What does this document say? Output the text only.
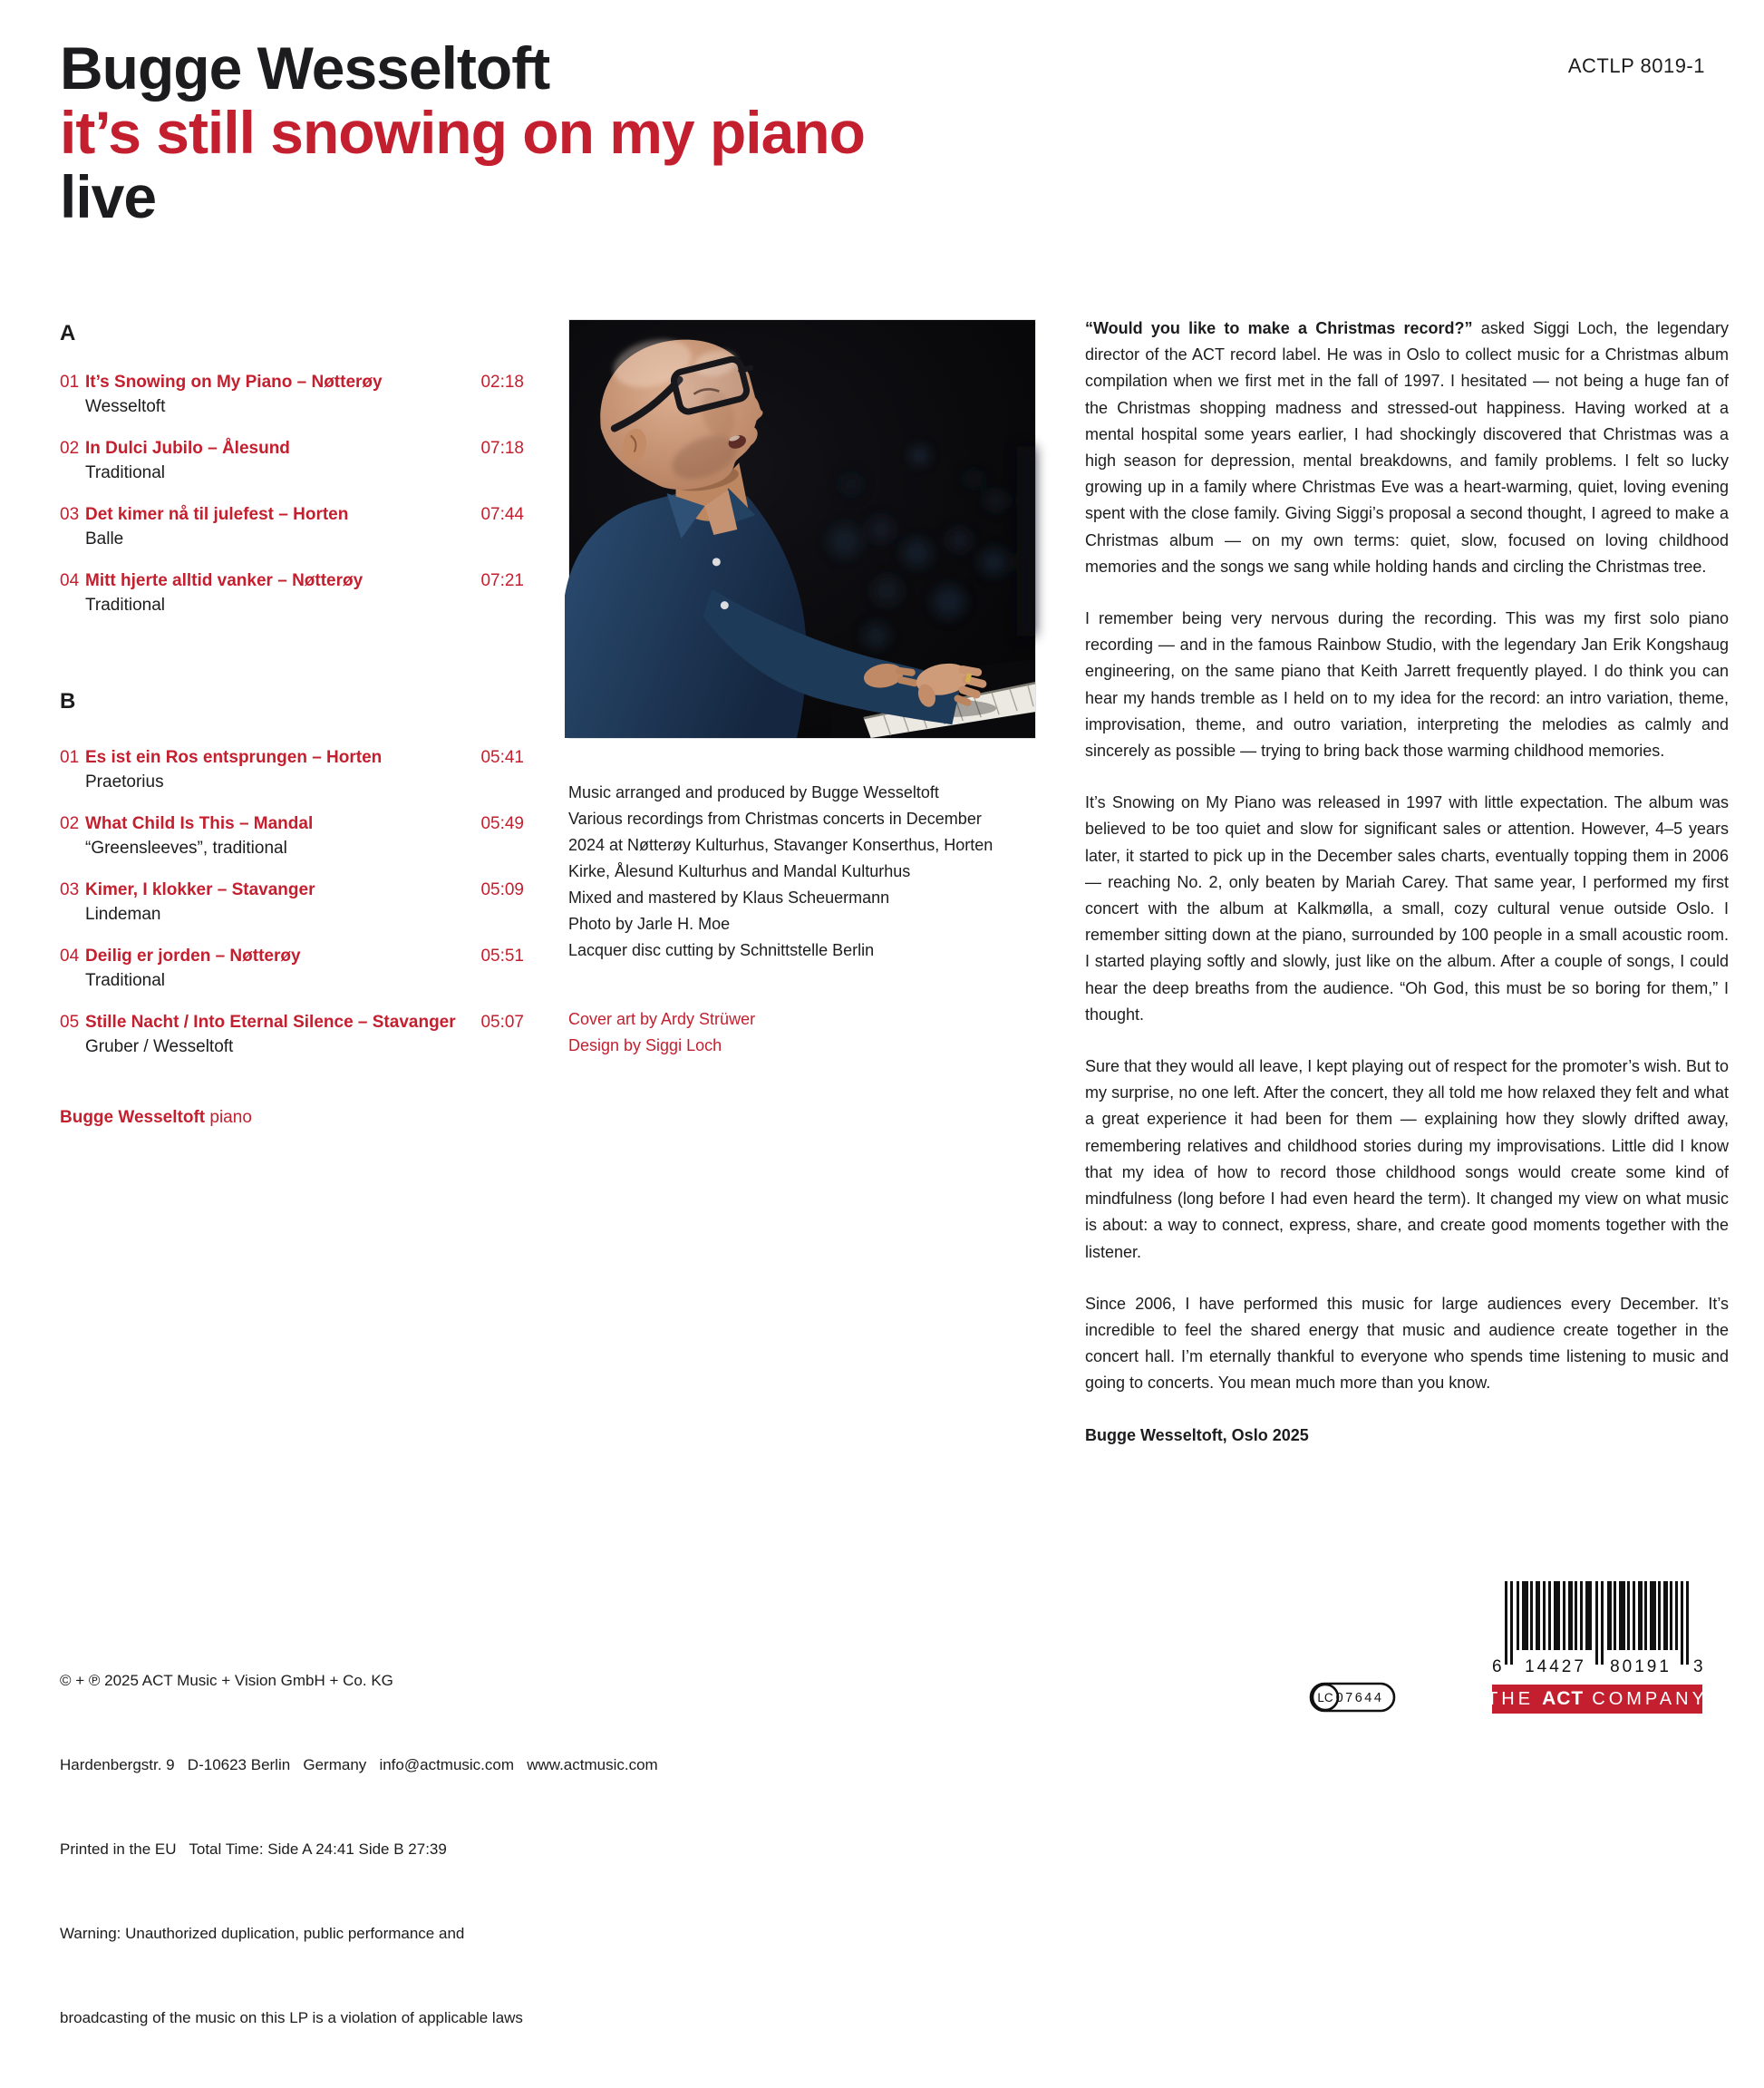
ACTLP 8019-1
Bugge Wesseltoft
it’s still snowing on my piano
live
A
01 It’s Snowing on My Piano – Nøtterøy	02:18
Wesseltoft
02 In Dulci Jubilo – Ålesund	07:18
Traditional
03 Det kimer nå til julefest – Horten	07:44
Balle
04 Mitt hjerte alltid vanker – Nøtterøy	07:21
Traditional
B
01 Es ist ein Ros entsprungen – Horten	05:41
Praetorius
02 What Child Is This – Mandal	05:49
“Greensleeves”, traditional
03 Kimer, I klokker – Stavanger	05:09
Lindeman
04 Deilig er jorden – Nøtterøy	05:51
Traditional
05 Stille Nacht / Into Eternal Silence – Stavanger	05:07
Gruber / Wesseltoft
Bugge Wesseltoft piano
Music arranged and produced by Bugge Wesseltoft
Various recordings from Christmas concerts in December
2024 at Nøtterøy Kulturhus, Stavanger Konserthus, Horten
Kirke, Ålesund Kulturhus and Mandal Kulturhus
Mixed and mastered by Klaus Scheuermann
Photo by Jarle H. Moe
Lacquer disc cutting by Schnittstelle Berlin
Cover art by Ardy Strüwer
Design by Siggi Loch

“Would you like to make a Christmas record?” asked Siggi Loch, the legendary director of the ACT record label. He was in Oslo to collect music for a Christmas album compilation when we first met in the fall of 1997. I hesitated — not being a huge fan of the Christmas shopping madness and stressed-out happiness. Having worked at a mental hospital some years earlier, I had shockingly discovered that Christmas was a high season for depression, mental breakdowns, and family problems. I felt so lucky growing up in a family where Christmas Eve was a heart-warming, quiet, loving evening spent with the close family. Giving Siggi’s proposal a second thought, I agreed to make a Christmas album — on my own terms: quiet, slow, focused on loving childhood memories and the songs we sang while holding hands and circling the Christmas tree.

I remember being very nervous during the recording. This was my first solo piano recording — and in the famous Rainbow Studio, with the legendary Jan Erik Kongshaug engineering, on the same piano that Keith Jarrett frequently played. I do think you can hear my hands tremble as I held on to my idea for the record: an intro variation, theme, improvisation, theme, and outro variation, interpreting the melodies as calmly and sincerely as possible — trying to bring back those warming childhood memories.

It’s Snowing on My Piano was released in 1997 with little expectation. The album was believed to be too quiet and slow for significant sales or attention. However, 4–5 years later, it started to pick up in the December sales charts, eventually topping them in 2006 — reaching No. 2, only beaten by Mariah Carey. That same year, I performed my first concert with the album at Kalkmølla, a small, cozy cultural venue outside Oslo. I remember sitting down at the piano, surrounded by 100 people in a small acoustic room. I started playing softly and slowly, just like on the album. After a couple of songs, I could hear the deep breaths from the audience. “Oh God, this must be so boring for them,” I thought.

Sure that they would all leave, I kept playing out of respect for the promoter’s wish. But to my surprise, no one left. After the concert, they all told me how relaxed they felt and what a great experience it had been for them — explaining how they slowly drifted away, remembering relatives and childhood stories during my improvisations. Little did I know that my idea of how to record those childhood songs would create some kind of mindfulness (long before I had even heard the term). It changed my view on what music is about: a way to connect, express, share, and create good moments together with the listener.

Since 2006, I have performed this music for large audiences every December. It’s incredible to feel the shared energy that music and audience create together in the concert hall. I’m eternally thankful to everyone who spends time listening to music and going to concerts. You mean much more than you know.

Bugge Wesseltoft, Oslo 2025

© + ℗ 2025 ACT Music + Vision GmbH + Co. KG

Hardenbergstr. 9   D-10623 Berlin   Germany   info@actmusic.com   www.actmusic.com

Printed in the EU   Total Time: Side A 24:41 Side B 27:39

Warning: Unauthorized duplication, public performance and

broadcasting of the music on this LP is a violation of applicable laws

LC 07644
6 14427 80191 3
THE ACT COMPANY
